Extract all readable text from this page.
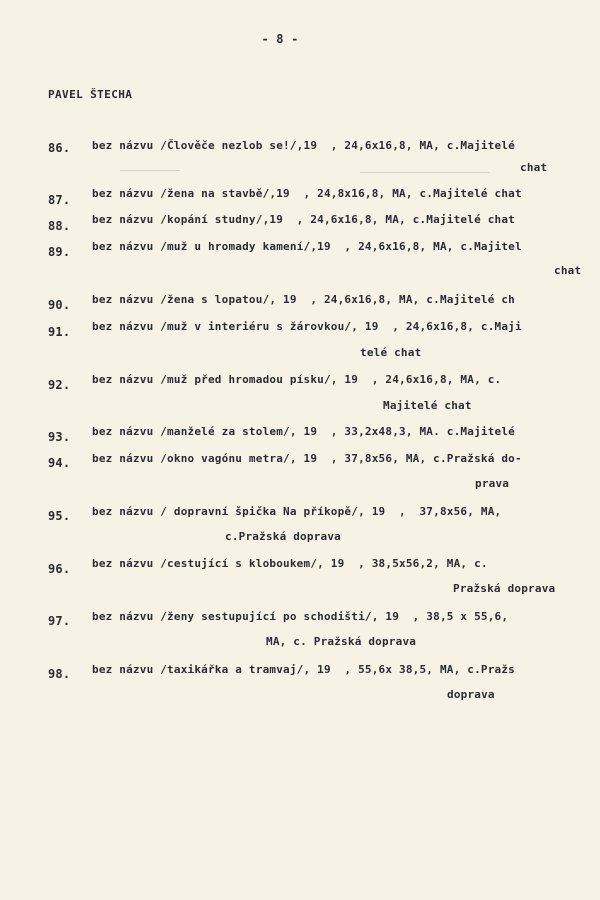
- 8 -
PAVEL ŠTECHA
86.	bez názvu /Člověče nezlob se!/,19  , 24,6x16,8, MA, c.Majitelé
chat
87.	bez názvu /žena na stavbě/,19  , 24,8x16,8, MA, c.Majitelé chat
88.	bez názvu /kopání studny/,19  , 24,6x16,8, MA, c.Majitelé chat
89.	bez názvu /muž u hromady kamení/,19  , 24,6x16,8, MA, c.Majitel
chat
90.	bez názvu /žena s lopatou/, 19  , 24,6x16,8, MA, c.Majitelé ch
91.	bez názvu /muž v interiéru s žárovkou/, 19  , 24,6x16,8, c.Maji
telé chat
92.	bez názvu /muž před hromadou písku/, 19  , 24,6x16,8, MA, c.
Majitelé chat
93.	bez názvu /manželé za stolem/, 19  , 33,2x48,3, MA. c.Majitelé
94.	bez názvu /okno vagónu metra/, 19  , 37,8x56, MA, c.Pražská do-
prava
95.	bez názvu / dopravní špička Na příkopě/, 19  ,  37,8x56, MA,
c.Pražská doprava
96.	bez názvu /cestující s kloboukem/, 19  , 38,5x56,2, MA, c.
Pražská doprava
97.	bez názvu /ženy sestupující po schodišti/, 19  , 38,5 x 55,6,
MA, c. Pražská doprava
98.	bez názvu /taxikářka a tramvaj/, 19  , 55,6x 38,5, MA, c.Pražs
doprava
